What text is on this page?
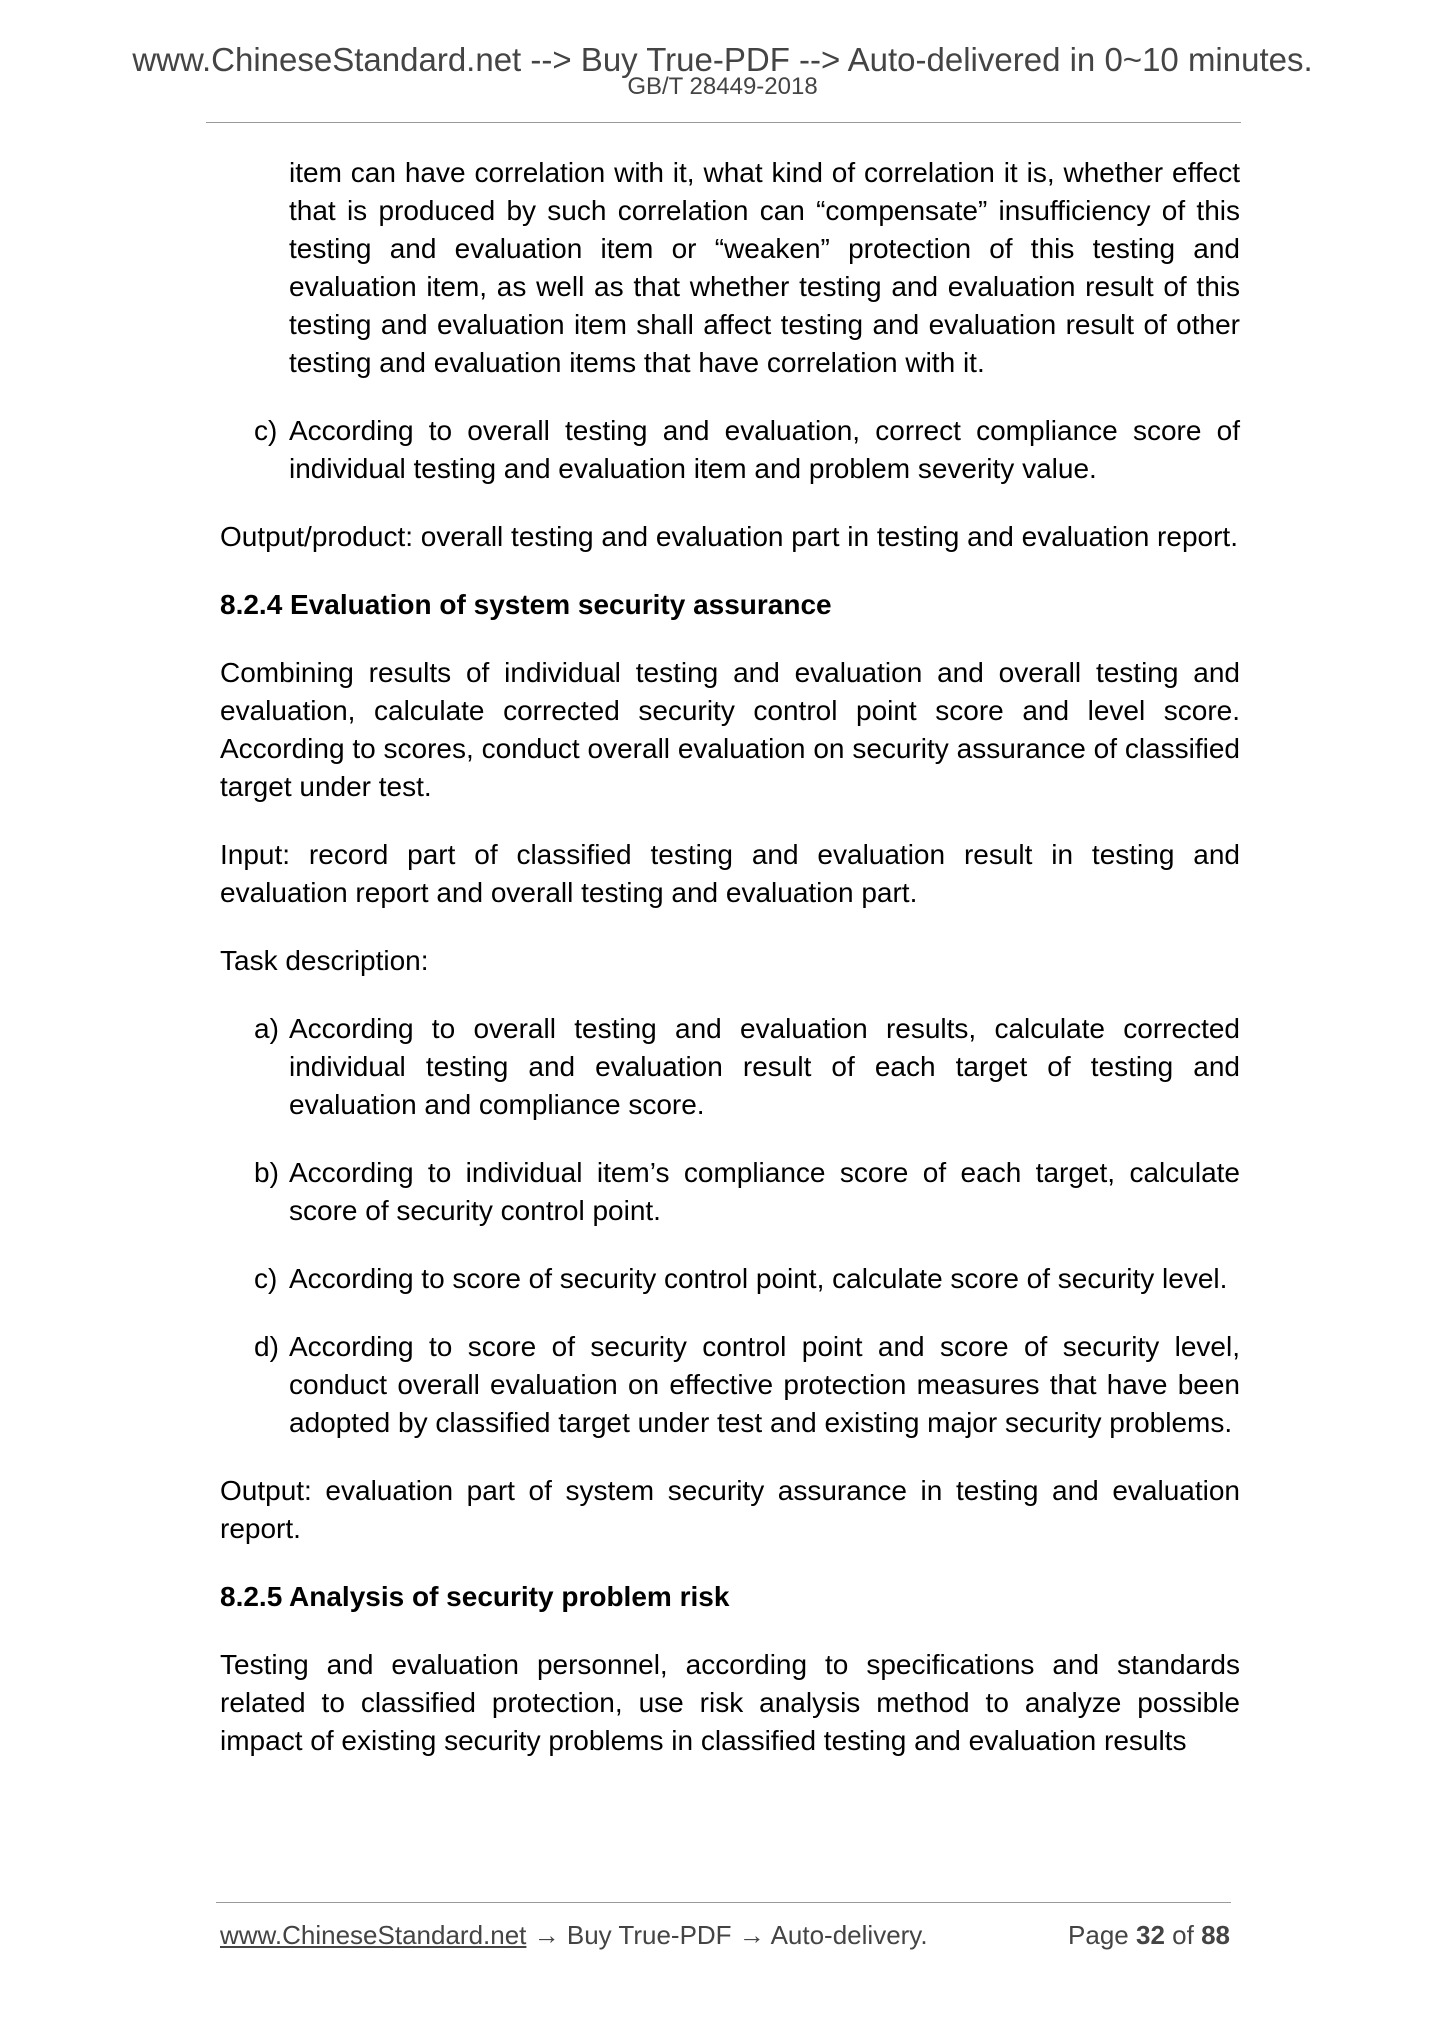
www.ChineseStandard.net --> Buy True-PDF --> Auto-delivered in 0~10 minutes.
GB/T 28449-2018
item can have correlation with it, what kind of correlation it is, whether effect that is produced by such correlation can “compensate” insufficiency of this testing and evaluation item or “weaken” protection of this testing and evaluation item, as well as that whether testing and evaluation result of this testing and evaluation item shall affect testing and evaluation result of other testing and evaluation items that have correlation with it.
c) According to overall testing and evaluation, correct compliance score of individual testing and evaluation item and problem severity value.

Output/product: overall testing and evaluation part in testing and evaluation report.

8.2.4 Evaluation of system security assurance

Combining results of individual testing and evaluation and overall testing and evaluation, calculate corrected security control point score and level score. According to scores, conduct overall evaluation on security assurance of classified target under test.

Input: record part of classified testing and evaluation result in testing and evaluation report and overall testing and evaluation part.

Task description:

a) According to overall testing and evaluation results, calculate corrected individual testing and evaluation result of each target of testing and evaluation and compliance score.
b) According to individual item’s compliance score of each target, calculate score of security control point.
c) According to score of security control point, calculate score of security level.
d) According to score of security control point and score of security level, conduct overall evaluation on effective protection measures that have been adopted by classified target under test and existing major security problems.

Output: evaluation part of system security assurance in testing and evaluation report.

8.2.5 Analysis of security problem risk

Testing and evaluation personnel, according to specifications and standards related to classified protection, use risk analysis method to analyze possible impact of existing security problems in classified testing and evaluation results

www.ChineseStandard.net → Buy True-PDF → Auto-delivery.	Page 32 of 88
